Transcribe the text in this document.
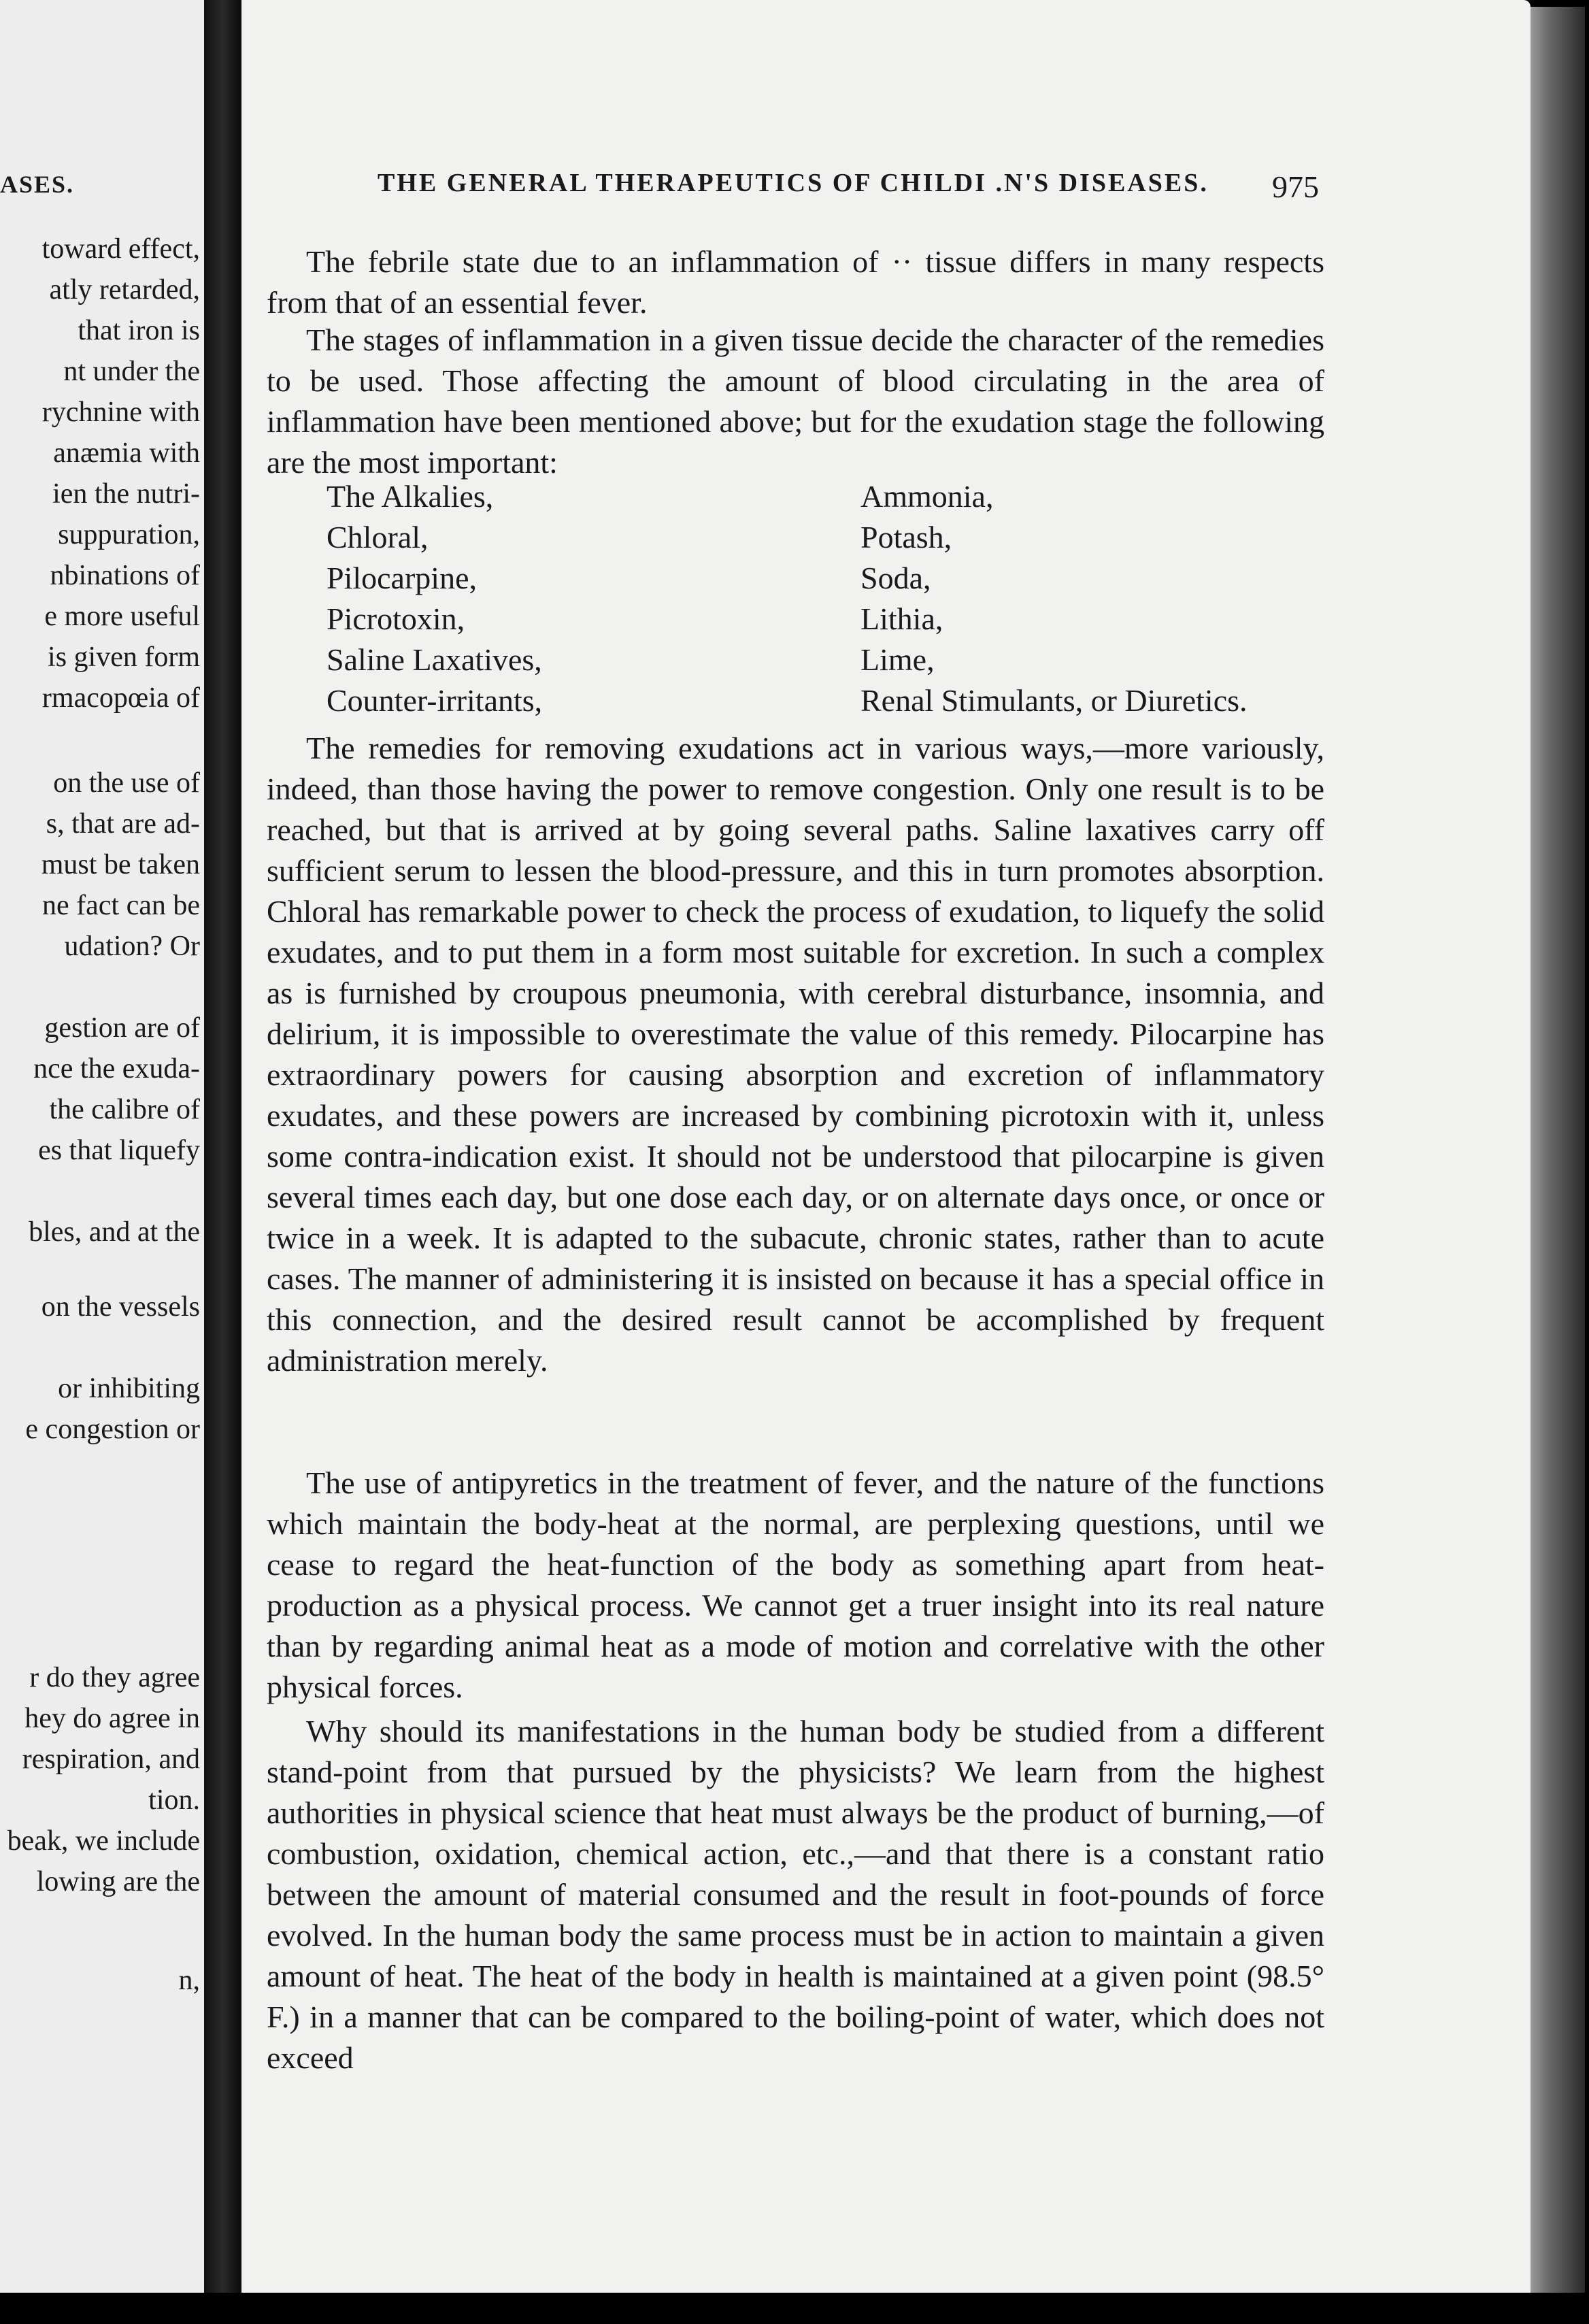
ASES.
toward effect,
atly retarded,
that iron is
nt under the
rychnine with
anæmia with
ien the nutri-
suppuration,
nbinations of
e more useful
is given form
rmacopœia of
on the use of
s, that are ad-
must be taken
ne fact can be
udation? Or
gestion are of
nce the exuda-
the calibre of
es that liquefy
bles, and at the
on the vessels
or inhibiting
e congestion or
r do they agree
hey do agree in
respiration, and
tion.
beak, we include
lowing are the
n,
THE GENERAL THERAPEUTICS OF CHILDI .N'S DISEASES.	975
The febrile state due to an inflammation of ·· tissue differs in many respects from that of an essential fever.
The stages of inflammation in a given tissue decide the character of the remedies to be used. Those affecting the amount of blood circulating in the area of inflammation have been mentioned above; but for the exudation stage the following are the most important:
The Alkalies,	Ammonia,
Chloral,	Potash,
Pilocarpine,	Soda,
Picrotoxin,	Lithia,
Saline Laxatives,	Lime,
Counter-irritants,	Renal Stimulants, or Diuretics.
The remedies for removing exudations act in various ways,—more variously, indeed, than those having the power to remove congestion. Only one result is to be reached, but that is arrived at by going several paths. Saline laxatives carry off sufficient serum to lessen the blood-pressure, and this in turn promotes absorption. Chloral has remarkable power to check the process of exudation, to liquefy the solid exudates, and to put them in a form most suitable for excretion. In such a complex as is furnished by croupous pneumonia, with cerebral disturbance, insomnia, and delirium, it is impossible to overestimate the value of this remedy. Pilocarpine has extraordinary powers for causing absorption and excretion of inflammatory exudates, and these powers are increased by combining picrotoxin with it, unless some contra-indication exist. It should not be understood that pilocarpine is given several times each day, but one dose each day, or on alternate days once, or once or twice in a week. It is adapted to the subacute, chronic states, rather than to acute cases. The manner of administering it is insisted on because it has a special office in this connection, and the desired result cannot be accomplished by frequent administration merely.
The use of antipyretics in the treatment of fever, and the nature of the functions which maintain the body-heat at the normal, are perplexing questions, until we cease to regard the heat-function of the body as something apart from heat-production as a physical process. We cannot get a truer insight into its real nature than by regarding animal heat as a mode of motion and correlative with the other physical forces.
Why should its manifestations in the human body be studied from a different stand-point from that pursued by the physicists? We learn from the highest authorities in physical science that heat must always be the product of burning,—of combustion, oxidation, chemical action, etc.,—and that there is a constant ratio between the amount of material consumed and the result in foot-pounds of force evolved. In the human body the same process must be in action to maintain a given amount of heat. The heat of the body in health is maintained at a given point (98.5° F.) in a manner that can be compared to the boiling-point of water, which does not exceed
